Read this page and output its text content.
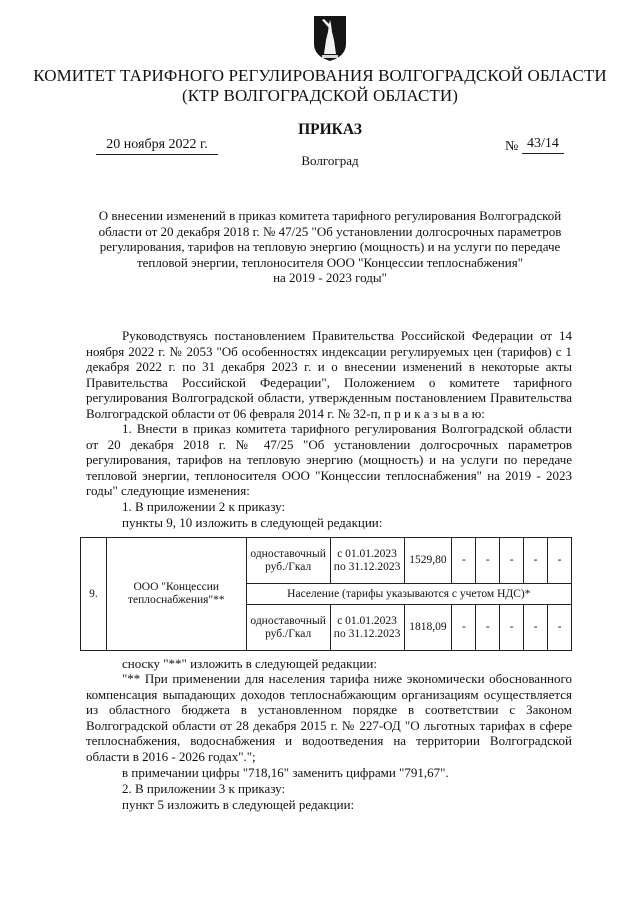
КОМИТЕТ ТАРИФНОГО РЕГУЛИРОВАНИЯ ВОЛГОГРАДСКОЙ ОБЛАСТИ
(КТР ВОЛГОГРАДСКОЙ ОБЛАСТИ)
ПРИКАЗ
20 ноября 2022 г.	№ 43/14
Волгоград
О внесении изменений в приказ комитета тарифного регулирования Волгоградской
области от 20 декабря 2018 г. № 47/25 "Об установлении долгосрочных параметров
регулирования, тарифов на тепловую энергию (мощность) и на услуги по передаче
тепловой энергии, теплоносителя ООО "Концессии теплоснабжения"
на 2019 - 2023 годы"
Руководствуясь постановлением Правительства Российской Федерации от 14 ноября 2022 г. № 2053 "Об особенностях индексации регулируемых цен (тарифов) с 1 декабря 2022 г. по 31 декабря 2023 г. и о внесении изменений в некоторые акты Правительства Российской Федерации", Положением о комитете тарифного регулирования Волгоградской области, утвержденным постановлением Правительства Волгоградской области от 06 февраля 2014 г. № 32-п, п р и к а з ы в а ю:
1. Внести в приказ комитета тарифного регулирования Волгоградской области от 20 декабря 2018 г. № 47/25 "Об установлении долгосрочных параметров регулирования, тарифов на тепловую энергию (мощность) и на услуги по передаче тепловой энергии, теплоносителя ООО "Концессии теплоснабжения" на 2019 - 2023 годы" следующие изменения:
1. В приложении 2 к приказу:
пункты 9, 10 изложить в следующей редакции:
9.	ООО "Концессии теплоснабжения"**	одноставочный руб./Гкал	с 01.01.2023 по 31.12.2023	1529,80	-	-	-	-	-
		Население (тарифы указываются с учетом НДС)*							
		одноставочный руб./Гкал	с 01.01.2023 по 31.12.2023	1818,09	-	-	-	-	-
сноску "**" изложить в следующей редакции:
"** При применении для населения тарифа ниже экономически обоснованного компенсация выпадающих доходов теплоснабжающим организациям осуществляется из областного бюджета в установленном порядке в соответствии с Законом Волгоградской области от 28 декабря 2015 г. № 227-ОД "О льготных тарифах в сфере теплоснабжения, водоснабжения и водоотведения на территории Волгоградской области в 2016 - 2026 годах".";
в примечании цифры "718,16" заменить цифрами "791,67".
2. В приложении 3 к приказу:
пункт 5 изложить в следующей редакции:
